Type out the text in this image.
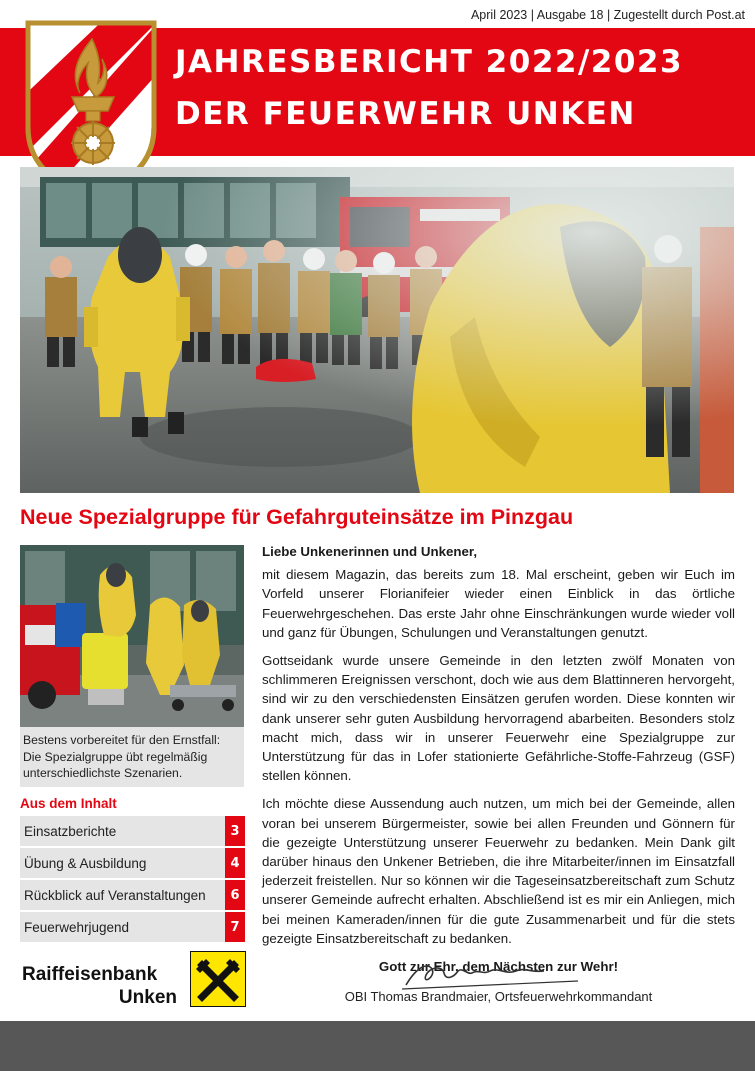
April 2023 | Ausgabe 18 | Zugestellt durch Post.at
JAHRESBERICHT 2022/2023
DER FEUERWEHR UNKEN
Neue Spezialgruppe für Gefahrguteinsätze im Pinzgau
Bestens vorbereitet für den Ernstfall: Die Spezialgruppe übt regelmäßig unterschiedlichste Szenarien.
Aus dem Inhalt
Einsatzberichte	3
Übung & Ausbildung	4
Rückblick auf Veranstaltungen	6
Feuerwehrjugend	7
Raiffeisenbank
Unken

Liebe Unkenerinnen und Unkener,

mit diesem Magazin, das bereits zum 18. Mal erscheint, geben wir Euch im Vorfeld unserer Florianifeier wieder einen Einblick in das örtliche Feuerwehrgeschehen. Das erste Jahr ohne Einschränkungen wurde wieder voll und ganz für Übungen, Schulungen und Veranstaltungen genutzt.

Gottseidank wurde unsere Gemeinde in den letzten zwölf Monaten von schlimmeren Ereignissen verschont, doch wie aus dem Blattinneren hervorgeht, sind wir zu den verschiedensten Einsätzen gerufen worden. Diese konnten wir dank unserer sehr guten Ausbildung hervorragend abarbeiten. Besonders stolz macht mich, dass wir in unserer Feuerwehr eine Spezialgruppe zur Unterstützung für das in Lofer stationierte Gefährliche-Stoffe-Fahrzeug (GSF) stellen können.

Ich möchte diese Aussendung auch nutzen, um mich bei der Gemeinde, allen voran bei unserem Bürgermeister, sowie bei allen Freunden und Gönnern für die gezeigte Unterstützung unserer Feuerwehr zu bedanken. Mein Dank gilt darüber hinaus den Unkener Betrieben, die ihre Mitarbeiter/innen im Einsatzfall jederzeit freistellen. Nur so können wir die Tageseinsatzbereitschaft zum Schutz unserer Gemeinde aufrecht erhalten. Abschließend ist es mir ein Anliegen, mich bei meinen Kameraden/innen für die gute Zusammenarbeit und für die stets gezeigte Einsatzbereitschaft zu bedanken.

Gott zur Ehr, dem Nächsten zur Wehr!

OBI Thomas Brandmaier, Ortsfeuerwehrkommandant
